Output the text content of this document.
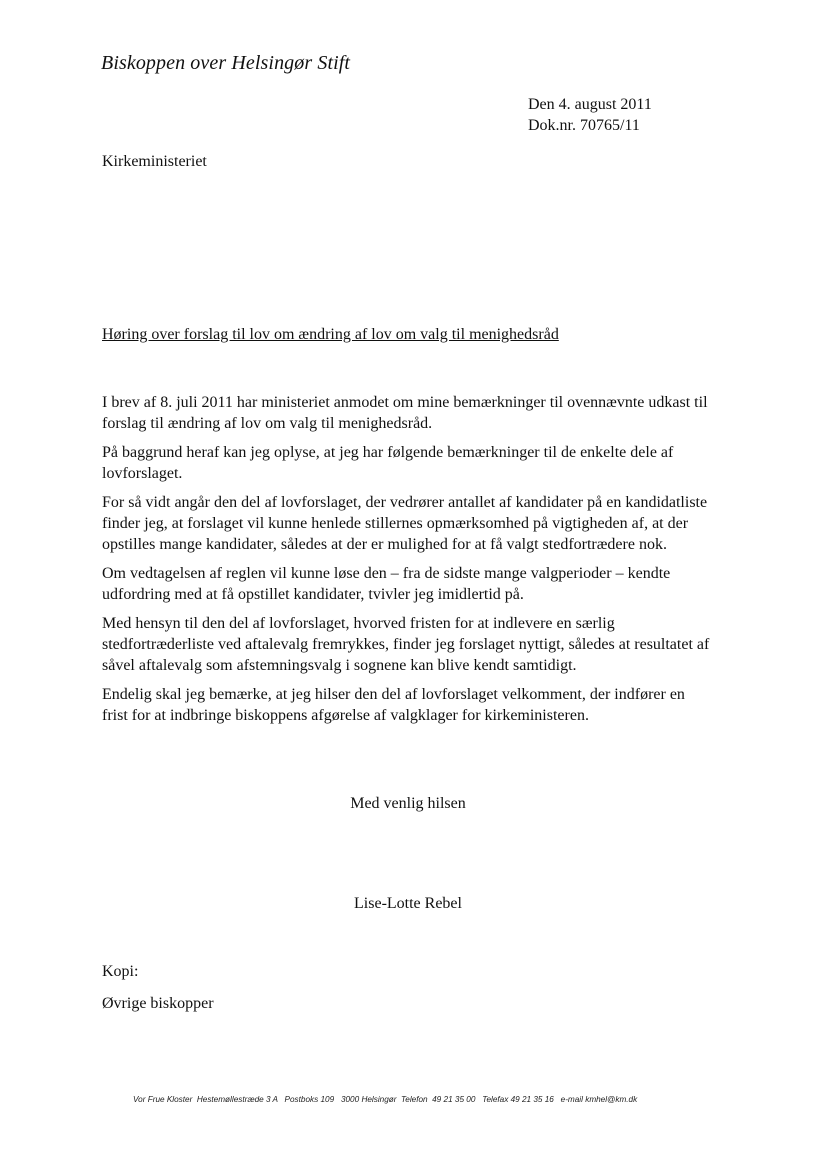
Biskoppen over Helsingør Stift
Den 4. august 2011
Dok.nr. 70765/11
Kirkeministeriet
Høring over forslag til lov om ændring af lov om valg til menighedsråd

I brev af 8. juli 2011 har ministeriet anmodet om mine bemærkninger til ovennævnte udkast til forslag til ændring af lov om valg til menighedsråd.

På baggrund heraf kan jeg oplyse, at jeg har følgende bemærkninger til de enkelte dele af lovforslaget.

For så vidt angår den del af lovforslaget, der vedrører antallet af kandidater på en kandidatliste finder jeg, at forslaget vil kunne henlede stillernes opmærksomhed på vigtigheden af, at der opstilles mange kandidater, således at der er mulighed for at få valgt stedfortrædere nok.

Om vedtagelsen af reglen vil kunne løse den – fra de sidste mange valgperioder – kendte udfordring med at få opstillet kandidater, tvivler jeg imidlertid på.

Med hensyn til den del af lovforslaget, hvorved fristen for at indlevere en særlig stedfortræderliste ved aftalevalg fremrykkes, finder jeg forslaget nyttigt, således at resultatet af såvel aftalevalg som afstemningsvalg i sognene kan blive kendt samtidigt.

Endelig skal jeg bemærke, at jeg hilser den del af lovforslaget velkomment, der indfører en frist for at indbringe biskoppens afgørelse af valgklager for kirkeministeren.

Med venlig hilsen
Lise-Lotte Rebel
Kopi:
Øvrige biskopper
Vor Frue Kloster  Hestemøllestræde 3 A   Postboks 109   3000 Helsingør  Telefon  49 21 35 00   Telefax 49 21 35 16   e-mail kmhel@km.dk
